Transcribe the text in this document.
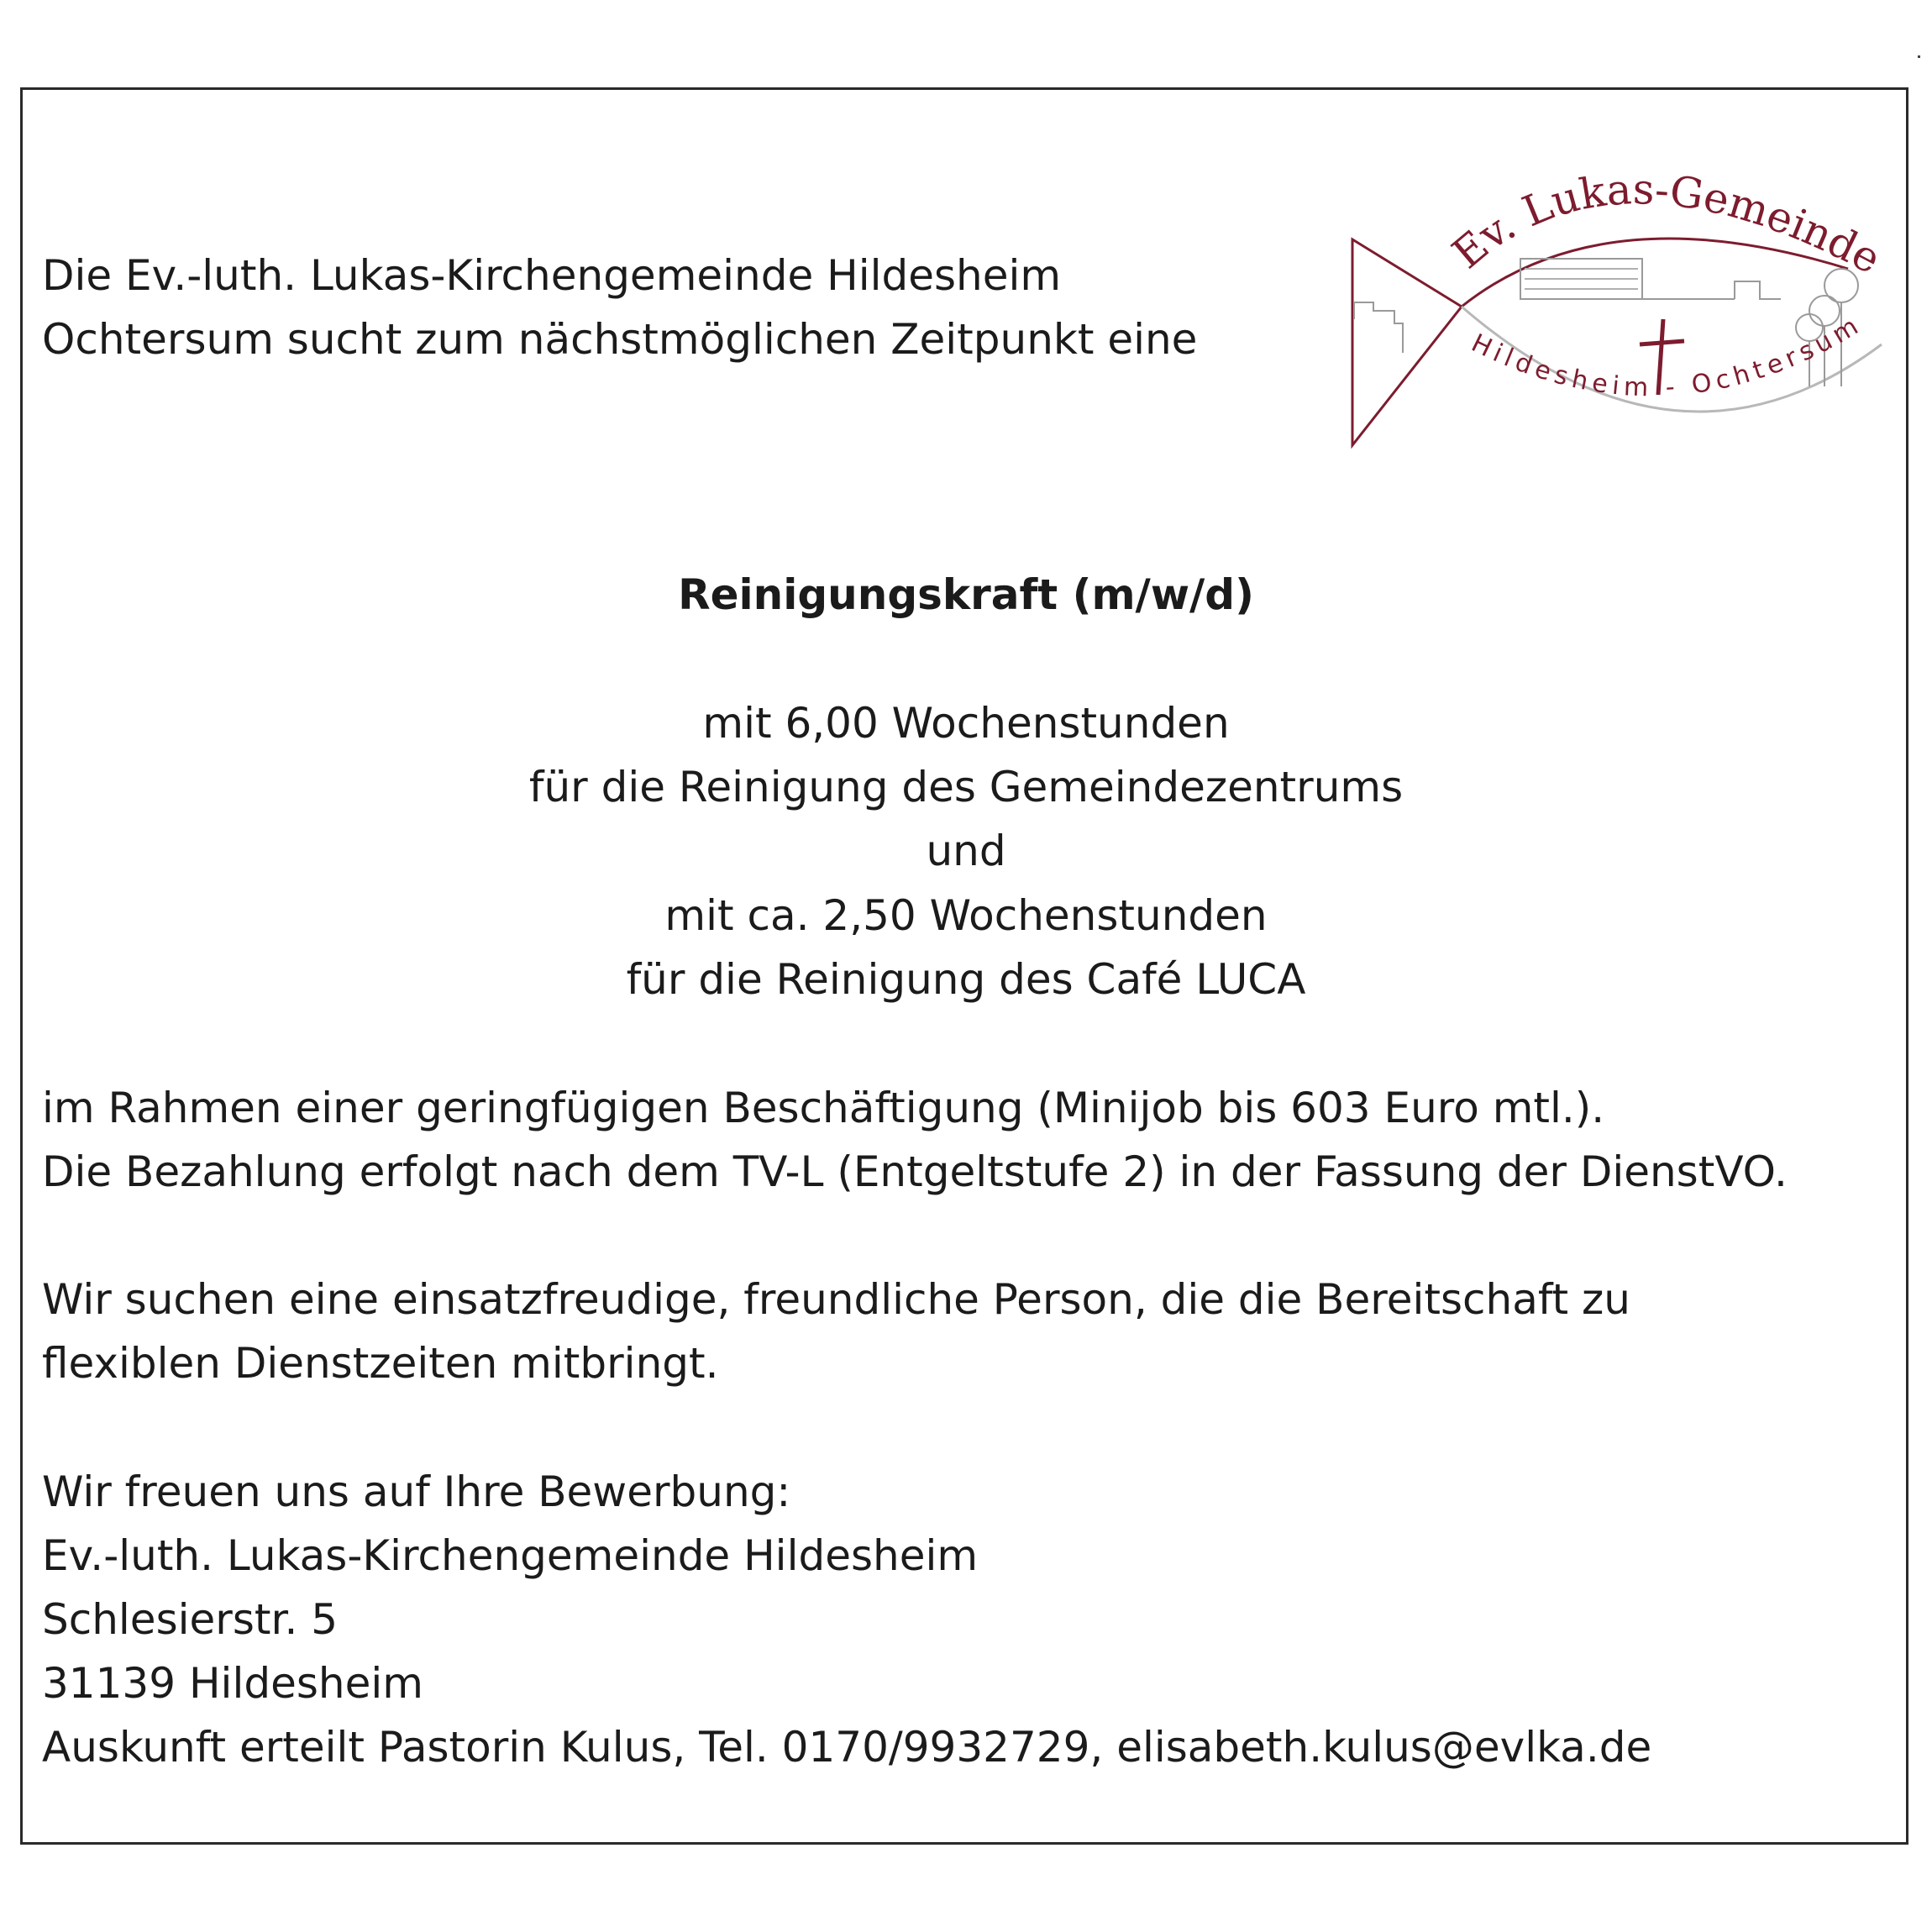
Die Ev.-luth. Lukas-Kirchengemeinde Hildesheim

Ochtersum sucht zum nächstmöglichen Zeitpunkt eine

Ev. Lukas-Gemeinde
Hildesheim - Ochtersum

Reinigungskraft (m/w/d)

mit 6,00 Wochenstunden

für die Reinigung des Gemeindezentrums

und

mit ca. 2,50 Wochenstunden

für die Reinigung des Café LUCA

im Rahmen einer geringfügigen Beschäftigung (Minijob bis 603 Euro mtl.).

Die Bezahlung erfolgt nach dem TV-L (Entgeltstufe 2) in der Fassung der DienstVO.

Wir suchen eine einsatzfreudige, freundliche Person, die die Bereitschaft zu

flexiblen Dienstzeiten mitbringt.

Wir freuen uns auf Ihre Bewerbung:

Ev.-luth. Lukas-Kirchengemeinde Hildesheim

Schlesierstr. 5

31139 Hildesheim

Auskunft erteilt Pastorin Kulus, Tel. 0170/9932729, elisabeth.kulus@evlka.de
